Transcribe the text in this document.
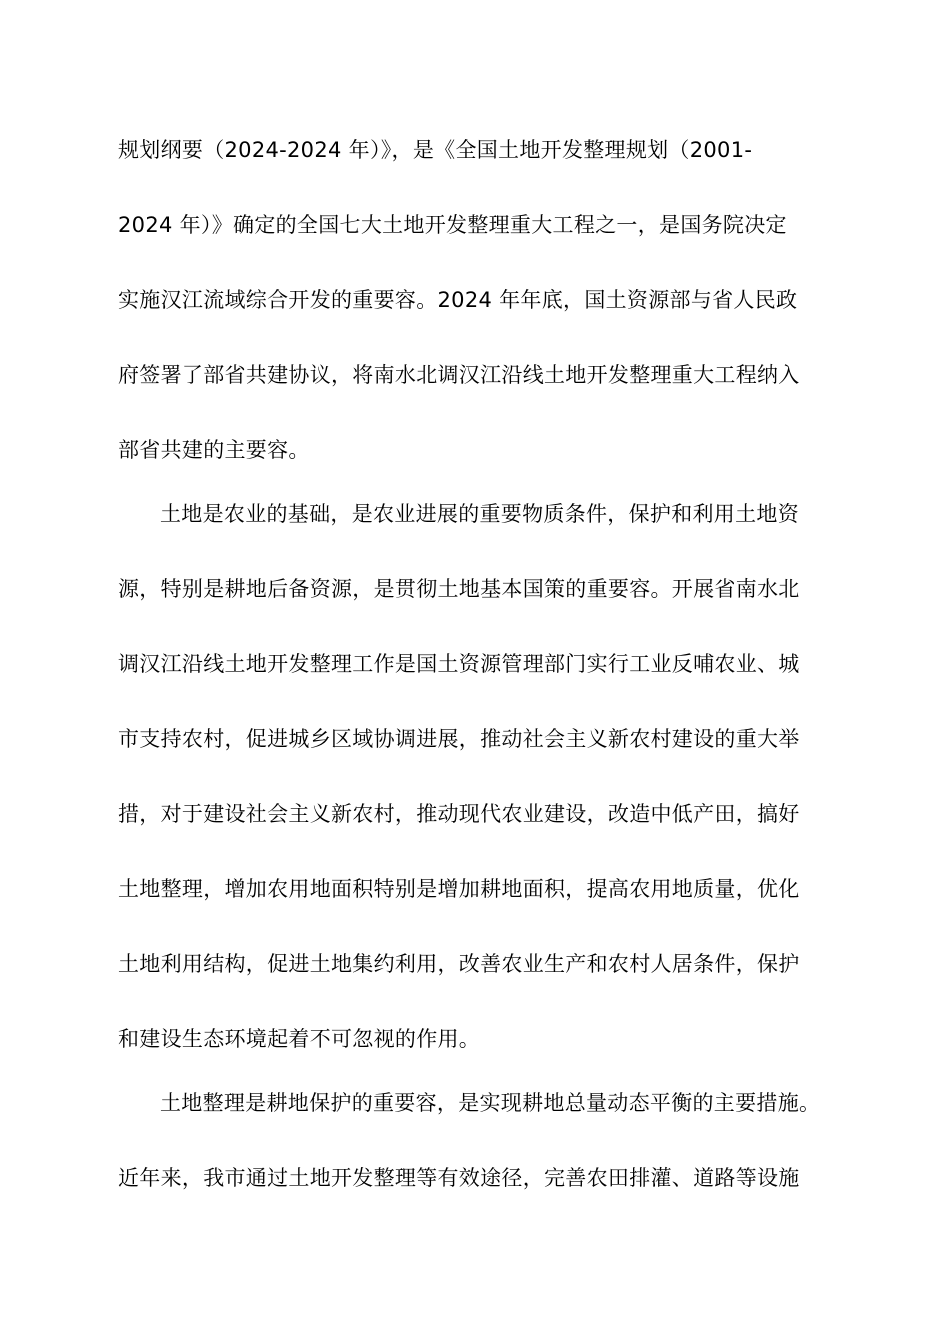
规划纲要（2024-2024 年）》，是《全国土地开发整理规划（2001-
2024 年）》确定的全国七大土地开发整理重大工程之一，是国务院决定
实施汉江流域综合开发的重要容。2024 年年底，国土资源部与省人民政
府签署了部省共建协议，将南水北调汉江沿线土地开发整理重大工程纳入
部省共建的主要容。
土地是农业的基础，是农业进展的重要物质条件，保护和利用土地资
源，特别是耕地后备资源，是贯彻土地基本国策的重要容。开展省南水北
调汉江沿线土地开发整理工作是国土资源管理部门实行工业反哺农业、城
市支持农村，促进城乡区域协调进展，推动社会主义新农村建设的重大举
措，对于建设社会主义新农村，推动现代农业建设，改造中低产田，搞好
土地整理，增加农用地面积特别是增加耕地面积，提高农用地质量，优化
土地利用结构，促进土地集约利用，改善农业生产和农村人居条件，保护
和建设生态环境起着不可忽视的作用。
土地整理是耕地保护的重要容，是实现耕地总量动态平衡的主要措施。
近年来，我市通过土地开发整理等有效途径，完善农田排灌、道路等设施
